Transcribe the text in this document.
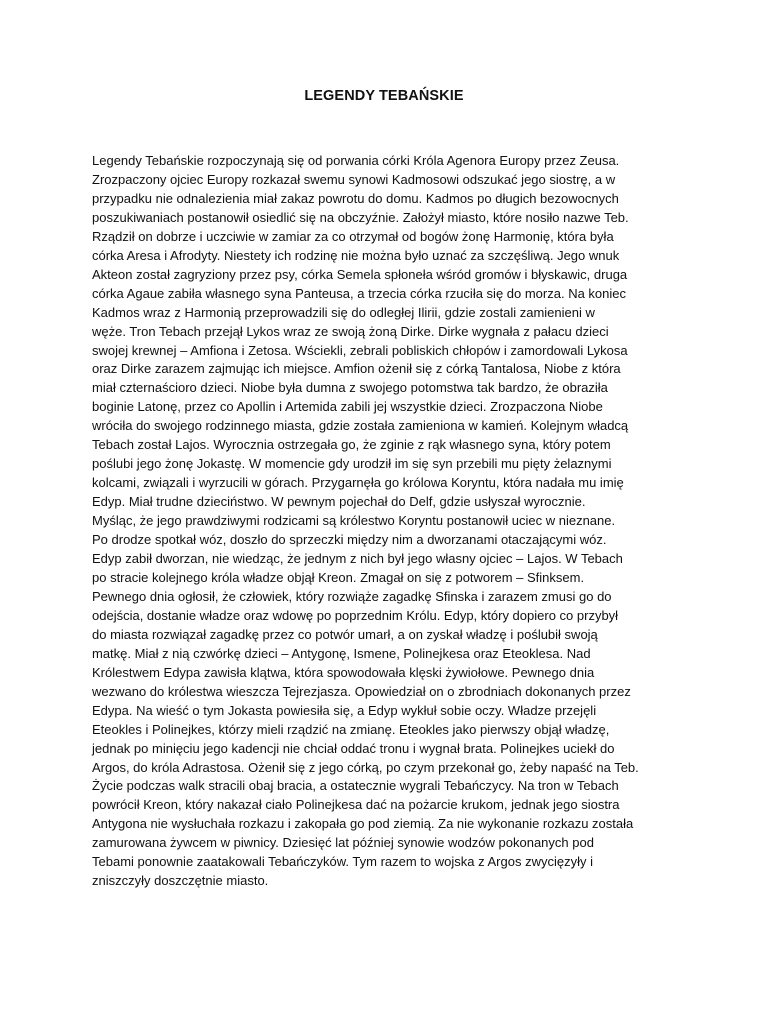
LEGENDY TEBAŃSKIE
Legendy Tebańskie rozpoczynają się od porwania córki Króla Agenora Europy przez Zeusa.
Zrozpaczony ojciec Europy rozkazał swemu synowi Kadmosowi odszukać jego siostrę, a w
przypadku nie odnalezienia miał zakaz powrotu do domu. Kadmos po długich bezowocnych
poszukiwaniach postanowił osiedlić się na obczyźnie. Założył miasto, które nosiło nazwe Teb.
Rządził on dobrze i uczciwie w zamiar za co otrzymał od bogów żonę Harmonię, która była
córka Aresa i Afrodyty. Niestety ich rodzinę nie można było uznać za szczęśliwą. Jego wnuk
Akteon został zagryziony przez psy, córka Semela spłoneła wśród gromów i błyskawic, druga
córka Agaue zabiła własnego syna Panteusa, a trzecia córka rzuciła się do morza. Na koniec
Kadmos wraz z Harmonią przeprowadzili się do odległej Ilirii, gdzie zostali zamienieni w
węże. Tron Tebach przejął Lykos wraz ze swoją żoną Dirke. Dirke wygnała z pałacu dzieci
swojej krewnej – Amfiona i Zetosa. Wściekli, zebrali pobliskich chłopów i zamordowali Lykosa
oraz Dirke zarazem zajmując ich miejsce. Amfion ożenił się z córką Tantalosa, Niobe z która
miał czternaścioro dzieci. Niobe była dumna z swojego potomstwa tak bardzo, że obraziła
boginie Latonę, przez co Apollin i Artemida zabili jej wszystkie dzieci. Zrozpaczona Niobe
wróciła do swojego rodzinnego miasta, gdzie została zamieniona w kamień. Kolejnym władcą
Tebach został Lajos. Wyrocznia ostrzegała go, że zginie z rąk własnego syna, który potem
poślubi jego żonę Jokastę. W momencie gdy urodził im się syn przebili mu pięty żelaznymi
kolcami, związali i wyrzucili w górach. Przygarnęła go królowa Koryntu, która nadała mu imię
Edyp. Miał trudne dzieciństwo. W pewnym pojechał do Delf, gdzie usłyszał wyrocznie.
Myśląc, że jego prawdziwymi rodzicami są królestwo Koryntu postanowił uciec w nieznane.
Po drodze spotkał wóz, doszło do sprzeczki między nim a dworzanami otaczającymi wóz.
Edyp zabił dworzan, nie wiedząc, że jednym z nich był jego własny ojciec – Lajos. W Tebach
po stracie kolejnego króla władze objął Kreon. Zmagał on się z potworem – Sfinksem.
Pewnego dnia ogłosił, że człowiek, który rozwiąże zagadkę Sfinska i zarazem zmusi go do
odejścia, dostanie władze oraz wdowę po poprzednim Królu. Edyp, który dopiero co przybył
do miasta rozwiązał zagadkę przez co potwór umarł, a on zyskał władzę i poślubił swoją
matkę. Miał z nią czwórkę dzieci – Antygonę, Ismene, Polinejkesa oraz Eteoklesa. Nad
Królestwem Edypa zawisła klątwa, która spowodowała klęski żywiołowe. Pewnego dnia
wezwano do królestwa wieszcza Tejrezjasza. Opowiedział on o zbrodniach dokonanych przez
Edypa. Na wieść o tym Jokasta powiesiła się, a Edyp wykłuł sobie oczy. Władze przejęli
Eteokles i Polinejkes, którzy mieli rządzić na zmianę. Eteokles jako pierwszy objął władzę,
jednak po minięciu jego kadencji nie chciał oddać tronu i wygnał brata. Polinejkes uciekł do
Argos, do króla Adrastosa. Ożenił się z jego córką, po czym przekonał go, żeby napaść na Teb.
Życie podczas walk stracili obaj bracia, a ostatecznie wygrali Tebańczycy. Na tron w Tebach
powrócił Kreon, który nakazał ciało Polinejkesa dać na pożarcie krukom, jednak jego siostra
Antygona nie wysłuchała rozkazu i zakopała go pod ziemią. Za nie wykonanie rozkazu została
zamurowana żywcem w piwnicy. Dziesięć lat później synowie wodzów pokonanych pod
Tebami ponownie zaatakowali Tebańczyków. Tym razem to wojska z Argos zwycięzyły i
zniszczyły doszczętnie miasto.
